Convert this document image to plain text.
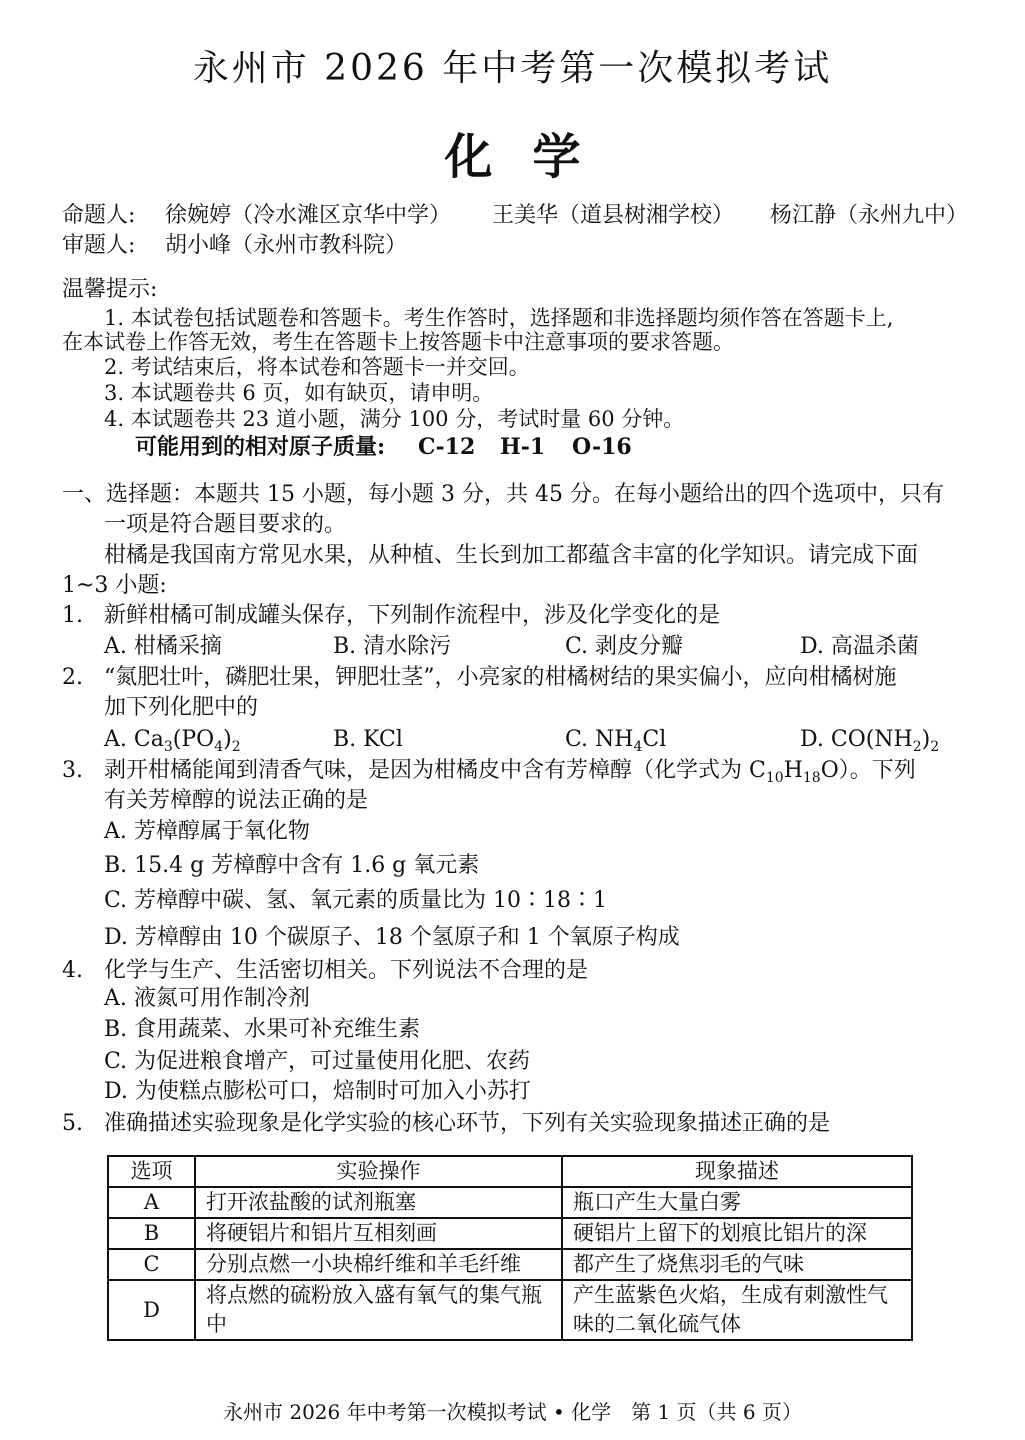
永州市 2026 年中考第一次模拟考试
化学
命题人: 徐婉婷（冷水滩区京华中学） 王美华（道县树湘学校） 杨江静（永州九中）
审题人: 胡小峰（永州市教科院）
温馨提示:
1. 本试卷包括试题卷和答题卡。考生作答时，选择题和非选择题均须作答在答题卡上,
在本试卷上作答无效，考生在答题卡上按答题卡中注意事项的要求答题。
2. 考试结束后，将本试卷和答题卡一并交回。
3. 本试题卷共 6 页，如有缺页，请申明。
4. 本试题卷共 23 道小题，满分 100 分，考试时量 60 分钟。
可能用到的相对原子质量: C-12 H-1 O-16
一、选择题：本题共 15 小题，每小题 3 分，共 45 分。在每小题给出的四个选项中，只有
一项是符合题目要求的。
柑橘是我国南方常见水果，从种植、生长到加工都蕴含丰富的化学知识。请完成下面
1~3 小题:
1. 新鲜柑橘可制成罐头保存，下列制作流程中，涉及化学变化的是
A. 柑橘采摘	B. 清水除污	C. 剥皮分瓣	D. 高温杀菌
2. “氮肥壮叶，磷肥壮果，钾肥壮茎”，小亮家的柑橘树结的果实偏小，应向柑橘树施
加下列化肥中的
A. $Ca_3(PO_4)_2$	B. KCl	C. $NH_4Cl$	D. $CO(NH_2)_2$
3. 剥开柑橘能闻到清香气味，是因为柑橘皮中含有芳樟醇（化学式为 $C_{10}H_{18}O$）。下列
有关芳樟醇的说法正确的是
A. 芳樟醇属于氧化物
B. 15.4 g 芳樟醇中含有 1.6 g 氧元素
C. 芳樟醇中碳、氢、氧元素的质量比为 10∶18∶1
D. 芳樟醇由 10 个碳原子、18 个氢原子和 1 个氧原子构成
4. 化学与生产、生活密切相关。下列说法不合理的是
A. 液氮可用作制冷剂
B. 食用蔬菜、水果可补充维生素
C. 为促进粮食增产，可过量使用化肥、农药
D. 为使糕点膨松可口，焙制时可加入小苏打
5. 准确描述实验现象是化学实验的核心环节，下列有关实验现象描述正确的是
选项	实验操作	现象描述
A	打开浓盐酸的试剂瓶塞	瓶口产生大量白雾
B	将硬铝片和铝片互相刻画	硬铝片上留下的划痕比铝片的深
C	分别点燃一小块棉纤维和羊毛纤维	都产生了烧焦羽毛的气味
D	将点燃的硫粉放入盛有氧气的集气瓶中	产生蓝紫色火焰，生成有刺激性气味的二氧化硫气体
永州市 2026 年中考第一次模拟考试 • 化学　第 1 页（共 6 页）
